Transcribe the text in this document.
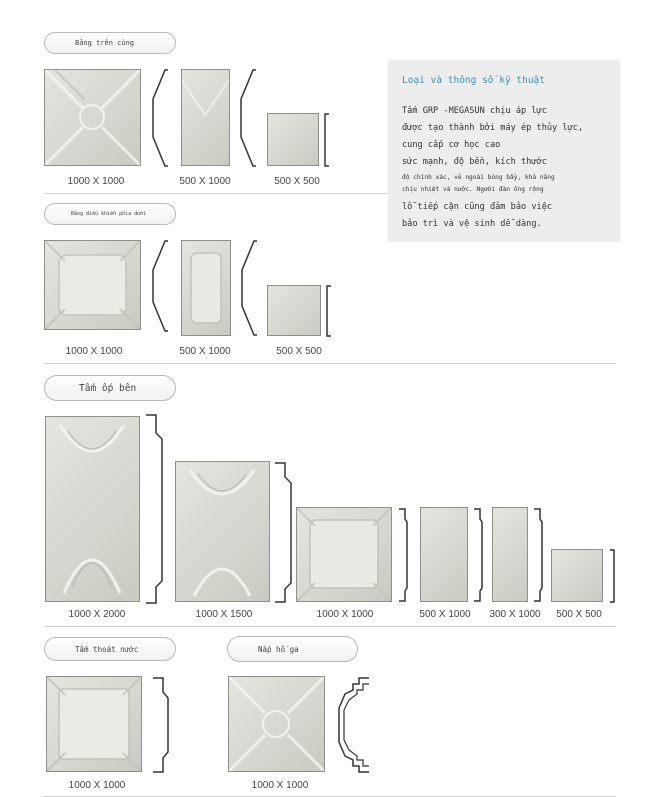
Bảng trên cùng
1000 X 1000	500 X 1000	500 X 500
Loại và thông số kỹ thuật
Tấm GRP -MEGASUN chịu áp lực
được tạo thành bởi máy ép thủy lực,
cung cấp cơ học cao
sức mạnh, độ bền, kích thước
độ chính xác, vẻ ngoài bóng bẩy, khả năng
chịu nhiệt và nước. Người đàn ông rộng
lỗ tiếp cận cũng đảm bảo việc
bảo trì và vệ sinh dễ dàng.
Bảng điều khiển phía dưới
1000 X 1000	500 X 1000	500 X 500
Tấm ốp bên
1000 X 2000	1000 X 1500	1000 X 1000	500 X 1000 300 X 1000 500 X 500
Tấm thoát nước
1000 X 1000
Nắp hố ga
1000 X 1000
